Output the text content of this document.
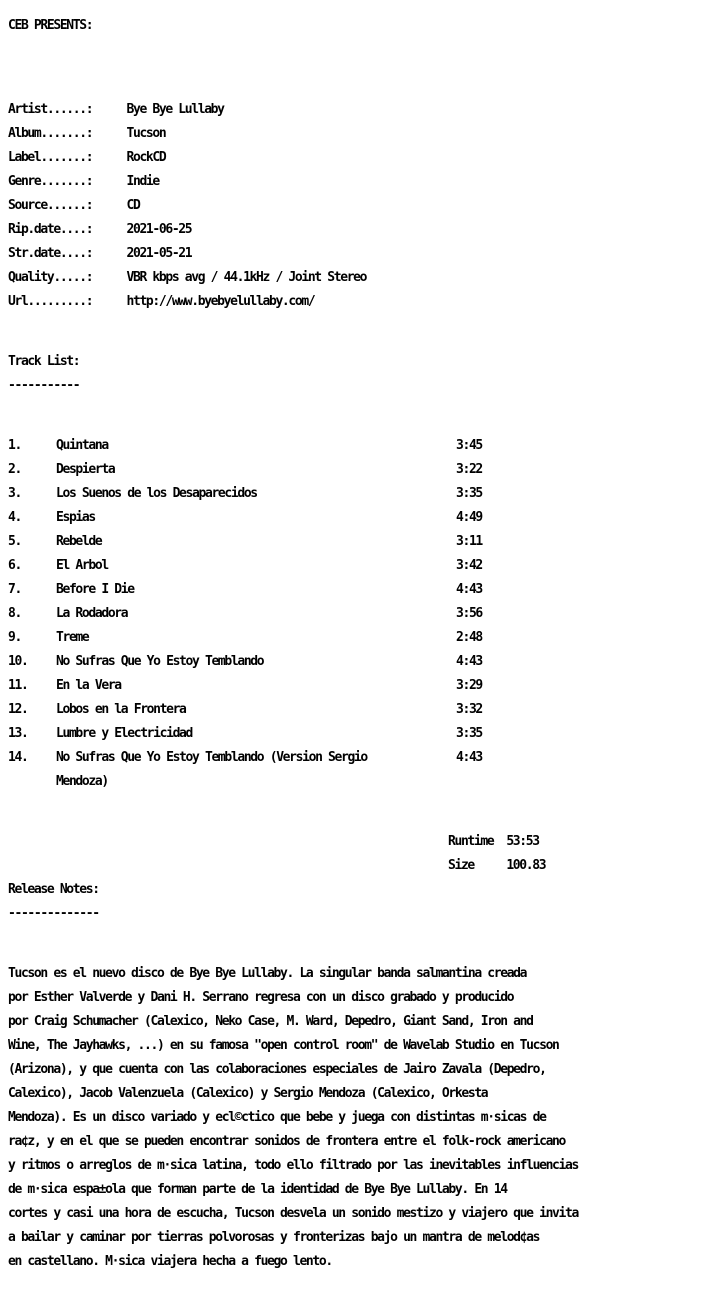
CEB PRESENTS:

Artist......:	Bye Bye Lullaby

Album.......:	Tucson

Label.......:	RockCD

Genre.......:	Indie

Source......:	CD

Rip.date....:	2021-06-25

Str.date....:	2021-05-21

Quality.....:	VBR kbps avg / 44.1kHz / Joint Stereo

Url.........:	http://www.byebyelullaby.com/

Track List:

-----------

1.	Quintana	3:45

2.	Despierta	3:22

3.	Los Suenos de los Desaparecidos	3:35

4.	Espias	4:49

5.	Rebelde	3:11

6.	El Arbol	3:42

7.	Before I Die	4:43

8.	La Rodadora	3:56

9.	Treme	2:48

10. No Sufras Que Yo Estoy Temblando	4:43

11. En la Vera	3:29

12. Lobos en la Frontera	3:32

13. Lumbre y Electricidad	3:35

14. No Sufras Que Yo Estoy Temblando (Version Sergio	4:43

Mendoza)

Runtime 53:53

Size 100.83

Release Notes:

--------------

Tucson es el nuevo disco de Bye Bye Lullaby. La singular banda salmantina creada

por Esther Valverde y Dani H. Serrano regresa con un disco grabado y producido

por Craig Schumacher (Calexico, Neko Case, M. Ward, Depedro, Giant Sand, Iron and

Wine, The Jayhawks, ...) en su famosa "open control room" de Wavelab Studio en Tucson

(Arizona), y que cuenta con las colaboraciones especiales de Jairo Zavala (Depedro,

Calexico), Jacob Valenzuela (Calexico) y Sergio Mendoza (Calexico, Orkesta

Mendoza). Es un disco variado y ecl©ctico que bebe y juega con distintas m·sicas de

ra¢z, y en el que se pueden encontrar sonidos de frontera entre el folk-rock americano

y ritmos o arreglos de m·sica latina, todo ello filtrado por las inevitables influencias

de m·sica espa±ola que forman parte de la identidad de Bye Bye Lullaby. En 14

cortes y casi una hora de escucha, Tucson desvela un sonido mestizo y viajero que invita

a bailar y caminar por tierras polvorosas y fronterizas bajo un mantra de melod¢as

en castellano. M·sica viajera hecha a fuego lento.
